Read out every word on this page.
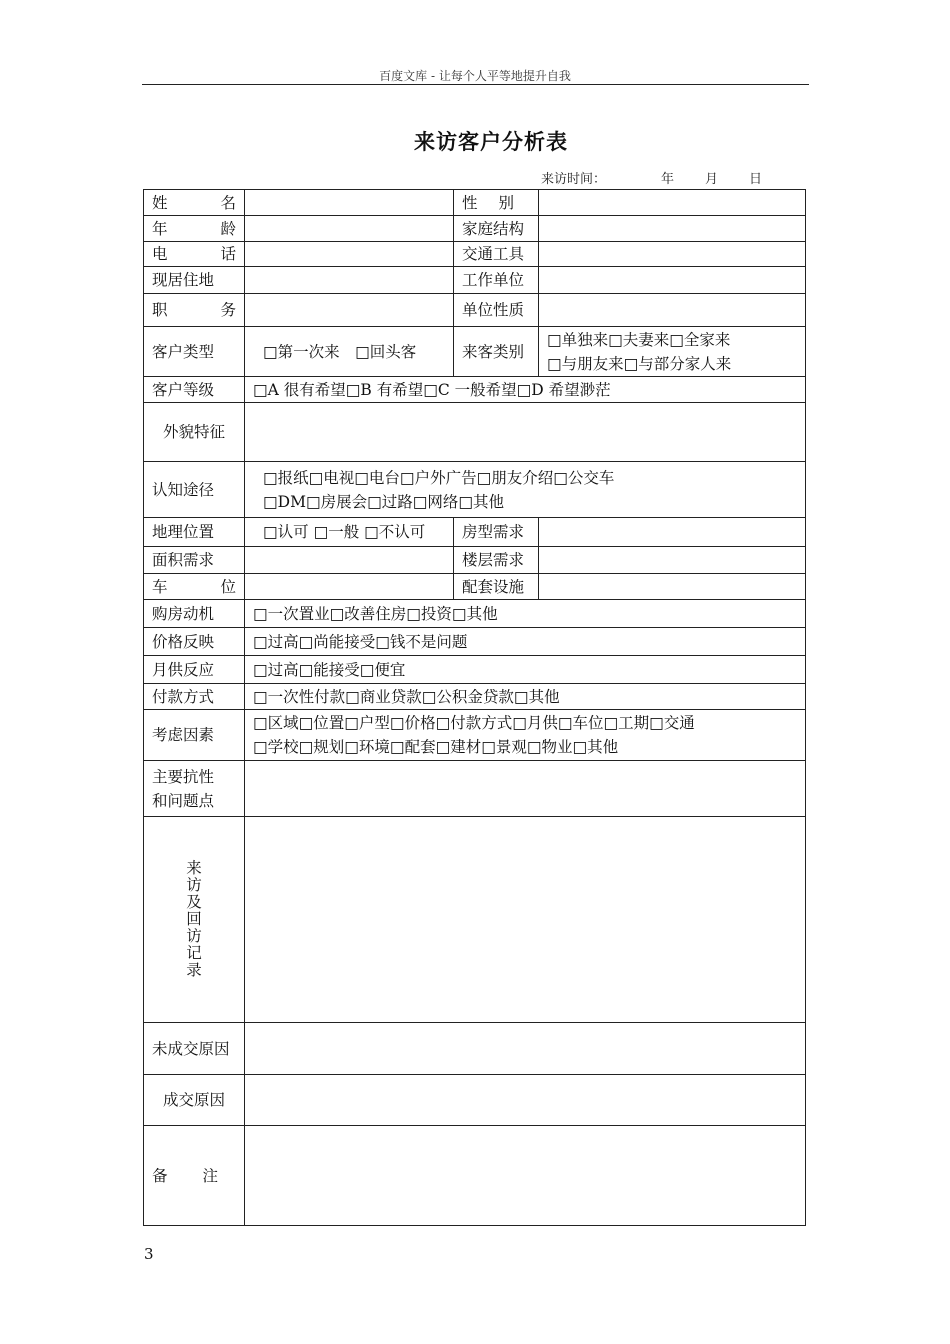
百度文库 - 让每个人平等地提升自我
来访客户分析表
来访时间：	年 月 日
姓 名		性 别	

年 龄		家庭结构	

电 话		交通工具	
现居住地		工作单位	

职 务		单位性质	
客户类型	□第一次来　□回头客	来客类别	□单独来□夫妻来□全家来
□与朋友来□与部分家人来

客户等级	□A 很有希望□B 有希望□C 一般希望□D 希望渺茫		
外貌特征			
认知途径	□报纸□电视□电台□户外广告□朋友介绍□公交车
□DM□房展会□过路□网络□其他		

地理位置	□认可 □一般 □不认可	房型需求	
面积需求		楼层需求	

车 位		配套设施	
购房动机	□一次置业□改善住房□投资□其他		
价格反映	□过高□尚能接受□钱不是问题		
月供反应	□过高□能接受□便宜		
付款方式	□一次性付款□商业贷款□公积金贷款□其他		
考虑因素	□区域□位置□户型□价格□付款方式□月供□车位□工期□交通
□学校□规划□环境□配套□建材□景观□物业□其他		

主要抗性
和问题点			

来访及回访记录			

未成交原因			
成交原因			

备 注			

3
